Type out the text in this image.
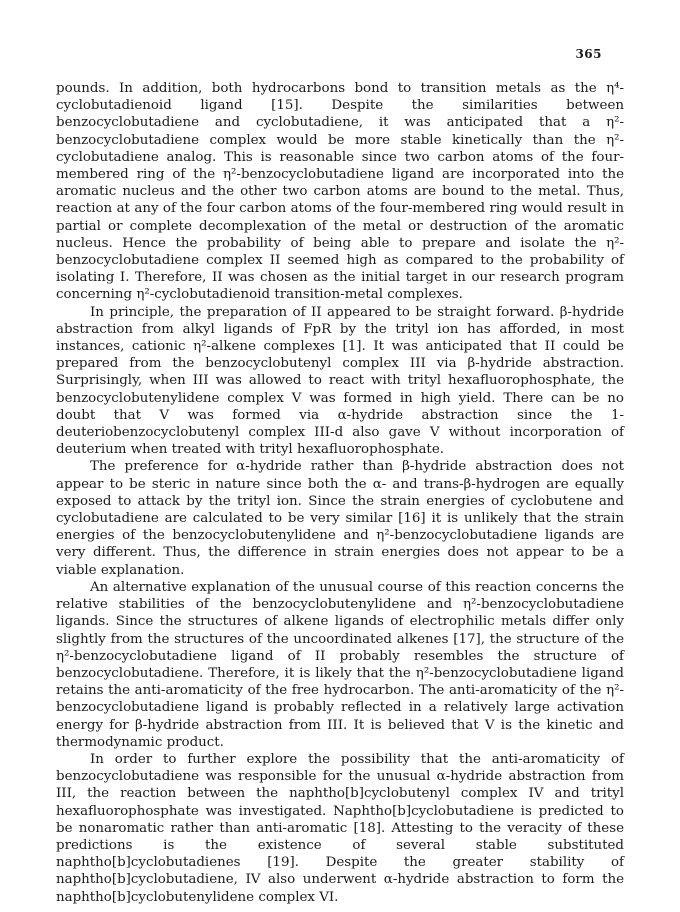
365

pounds. In addition, both hydrocarbons bond to transition metals as the η⁴-cyclobutadienoid ligand [15]. Despite the similarities between benzocyclobutadiene and cyclobutadiene, it was anticipated that a η²-benzocyclobutadiene complex would be more stable kinetically than the η²-cyclobutadiene analog. This is reasonable since two carbon atoms of the four-membered ring of the η²-benzocyclobutadiene ligand are incorporated into the aromatic nucleus and the other two carbon atoms are bound to the metal. Thus, reaction at any of the four carbon atoms of the four-membered ring would result in partial or complete decomplexation of the metal or destruction of the aromatic nucleus. Hence the probability of being able to prepare and isolate the η²-benzocyclobutadiene complex II seemed high as compared to the probability of isolating I. Therefore, II was chosen as the initial target in our research program concerning η²-cyclobutadienoid transition-metal complexes.

In principle, the preparation of II appeared to be straight forward. β-hydride abstraction from alkyl ligands of FpR by the trityl ion has afforded, in most instances, cationic η²-alkene complexes [1]. It was anticipated that II could be prepared from the benzocyclobutenyl complex III via β-hydride abstraction. Surprisingly, when III was allowed to react with trityl hexafluorophosphate, the benzocyclobutenylidene complex V was formed in high yield. There can be no doubt that V was formed via α-hydride abstraction since the 1-deuteriobenzocyclobutenyl complex III-d also gave V without incorporation of deuterium when treated with trityl hexafluorophosphate.

The preference for α-hydride rather than β-hydride abstraction does not appear to be steric in nature since both the α- and trans-β-hydrogen are equally exposed to attack by the trityl ion. Since the strain energies of cyclobutene and cyclobutadiene are calculated to be very similar [16] it is unlikely that the strain energies of the benzocyclobutenylidene and η²-benzocyclobutadiene ligands are very different. Thus, the difference in strain energies does not appear to be a viable explanation.

An alternative explanation of the unusual course of this reaction concerns the relative stabilities of the benzocyclobutenylidene and η²-benzocyclobutadiene ligands. Since the structures of alkene ligands of electrophilic metals differ only slightly from the structures of the uncoordinated alkenes [17], the structure of the η²-benzocyclobutadiene ligand of II probably resembles the structure of benzocyclobutadiene. Therefore, it is likely that the η²-benzocyclobutadiene ligand retains the anti-aromaticity of the free hydrocarbon. The anti-aromaticity of the η²-benzocyclobutadiene ligand is probably reflected in a relatively large activation energy for β-hydride abstraction from III. It is believed that V is the kinetic and thermodynamic product.

In order to further explore the possibility that the anti-aromaticity of benzocyclobutadiene was responsible for the unusual α-hydride abstraction from III, the reaction between the naphtho[b]cyclobutenyl complex IV and trityl hexafluorophosphate was investigated. Naphtho[b]cyclobutadiene is predicted to be nonaromatic rather than anti-aromatic [18]. Attesting to the veracity of these predictions is the existence of several stable substituted naphtho[b]cyclobutadienes [19]. Despite the greater stability of naphtho[b]cyclobutadiene, IV also underwent α-hydride abstraction to form the naphtho[b]cyclobutenylidene complex VI.
